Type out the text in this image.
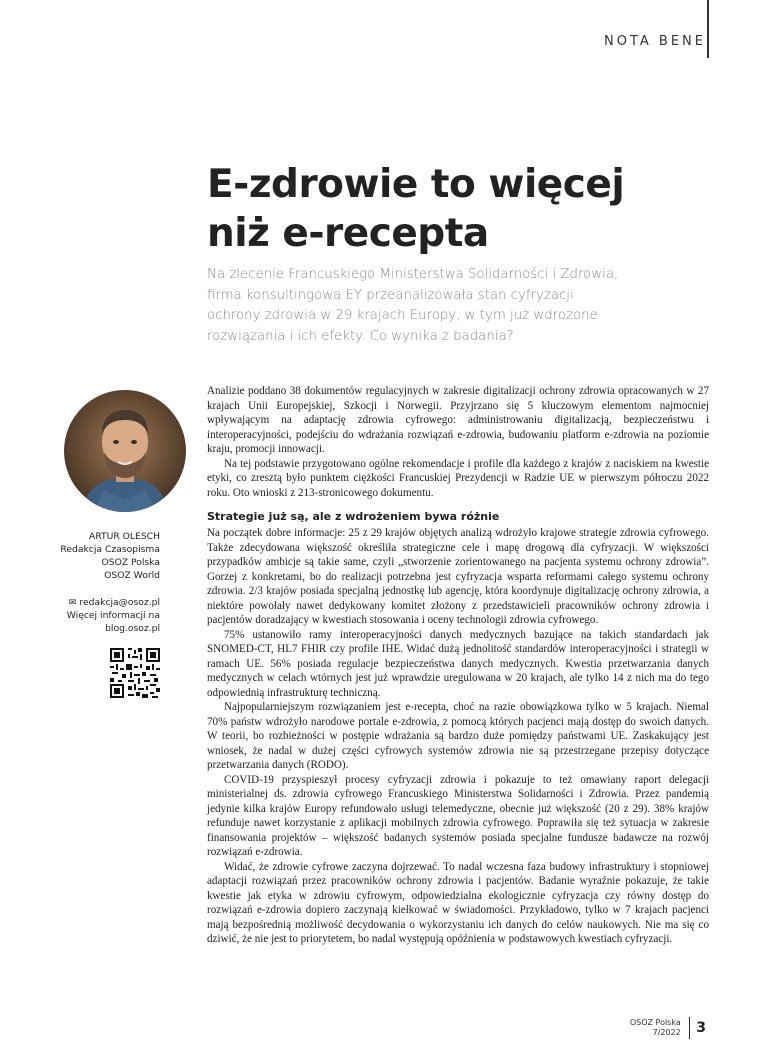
NOTA BENE
E-zdrowie to więcej
niż e-recepta

Na zlecenie Francuskiego Ministerstwa Solidarności i Zdrowia, firma konsultingowa EY przeanalizowała stan cyfryzacji ochrony zdrowia w 29 krajach Europy, w tym już wdrożone rozwiązania i ich efekty. Co wynika z badania?

ARTUR OLESCH

Redakcja Czasopisma

OSOZ Polska

OSOZ World

✉ redakcja@osoz.pl

Więcej informacji na

blog.osoz.pl

Analizie poddano 38 dokumentów regulacyjnych w zakresie digitalizacji ochrony zdrowia opracowanych w 27 krajach Unii Europejskiej, Szkocji i Norwegii. Przyjrzano się 5 kluczowym elementom najmocniej wpływającym na adaptację zdrowia cyfrowego: administrowaniu digitalizacją, bezpieczeństwu i interoperacyjności, podejściu do wdrażania rozwiązań e-zdrowia, budowaniu platform e-zdrowia na poziomie kraju, promocji innowacji.

Na tej podstawie przygotowano ogólne rekomendacje i profile dla każdego z krajów z naciskiem na kwestie etyki, co zresztą było punktem ciężkości Francuskiej Prezydencji w Radzie UE w pierwszym półroczu 2022 roku. Oto wnioski z 213-stronicowego dokumentu.

Strategie już są, ale z wdrożeniem bywa różnie

Na początek dobre informacje: 25 z 29 krajów objętych analizą wdrożyło krajowe strategie zdrowia cyfrowego. Także zdecydowana większość określiła strategiczne cele i mapę drogową dla cyfryzacji. W większości przypadków ambicje są takie same, czyli „stworzenie zorientowanego na pacjenta systemu ochrony zdrowia”. Gorzej z konkretami, bo do realizacji potrzebna jest cyfryzacja wsparta reformami całego systemu ochrony zdrowia. 2/3 krajów posiada specjalną jednostkę lub agencję, która koordynuje digitalizację ochrony zdrowia, a niektóre powołały nawet dedykowany komitet złożony z przedstawicieli pracowników ochrony zdrowia i pacjentów doradzający w kwestiach stosowania i oceny technologii zdrowia cyfrowego.

75% ustanowiło ramy interoperacyjności danych medycznych bazujące na takich standardach jak SNOMED-CT, HL7 FHIR czy profile IHE. Widać dużą jednolitość standardów interoperacyjności i strategii w ramach UE. 56% posiada regulacje bezpieczeństwa danych medycznych. Kwestia przetwarzania danych medycznych w celach wtórnych jest już wprawdzie uregulowana w 20 krajach, ale tylko 14 z nich ma do tego odpowiednią infrastrukturę techniczną.

Najpopularniejszym rozwiązaniem jest e-recepta, choć na razie obowiązkowa tylko w 5 krajach. Niemal 70% państw wdrożyło narodowe portale e-zdrowia, z pomocą których pacjenci mają dostęp do swoich danych. W teorii, bo rozbieżności w postępie wdrażania są bardzo duże pomiędzy państwami UE. Zaskakujący jest wniosek, że nadal w dużej części cyfrowych systemów zdrowia nie są przestrzegane przepisy dotyczące przetwarzania danych (RODO).

COVID-19 przyspieszył procesy cyfryzacji zdrowia i pokazuje to też omawiany raport delegacji ministerialnej ds. zdrowia cyfrowego Francuskiego Ministerstwa Solidarności i Zdrowia. Przez pandemią jedynie kilka krajów Europy refundowało usługi telemedyczne, obecnie już większość (20 z 29). 38% krajów refunduje nawet korzystanie z aplikacji mobilnych zdrowia cyfrowego. Poprawiła się też sytuacja w zakresie finansowania projektów – większość badanych systemów posiada specjalne fundusze badawcze na rozwój rozwiązań e-zdrowia.

Widać, że zdrowie cyfrowe zaczyna dojrzewać. To nadal wczesna faza budowy infrastruktury i stopniowej adaptacji rozwiązań przez pracowników ochrony zdrowia i pacjentów. Badanie wyraźnie pokazuje, że takie kwestie jak etyka w zdrowiu cyfrowym, odpowiedzialna ekologicznie cyfryzacja czy równy dostęp do rozwiązań e-zdrowia dopiero zaczynają kiełkować w świadomości. Przykładowo, tylko w 7 krajach pacjenci mają bezpośrednią możliwość decydowania o wykorzystaniu ich danych do celów naukowych. Nie ma się co dziwić, że nie jest to priorytetem, bo nadal występują opóźnienia w podstawowych kwestiach cyfryzacji.

OSOZ Polska
7/2022 3
